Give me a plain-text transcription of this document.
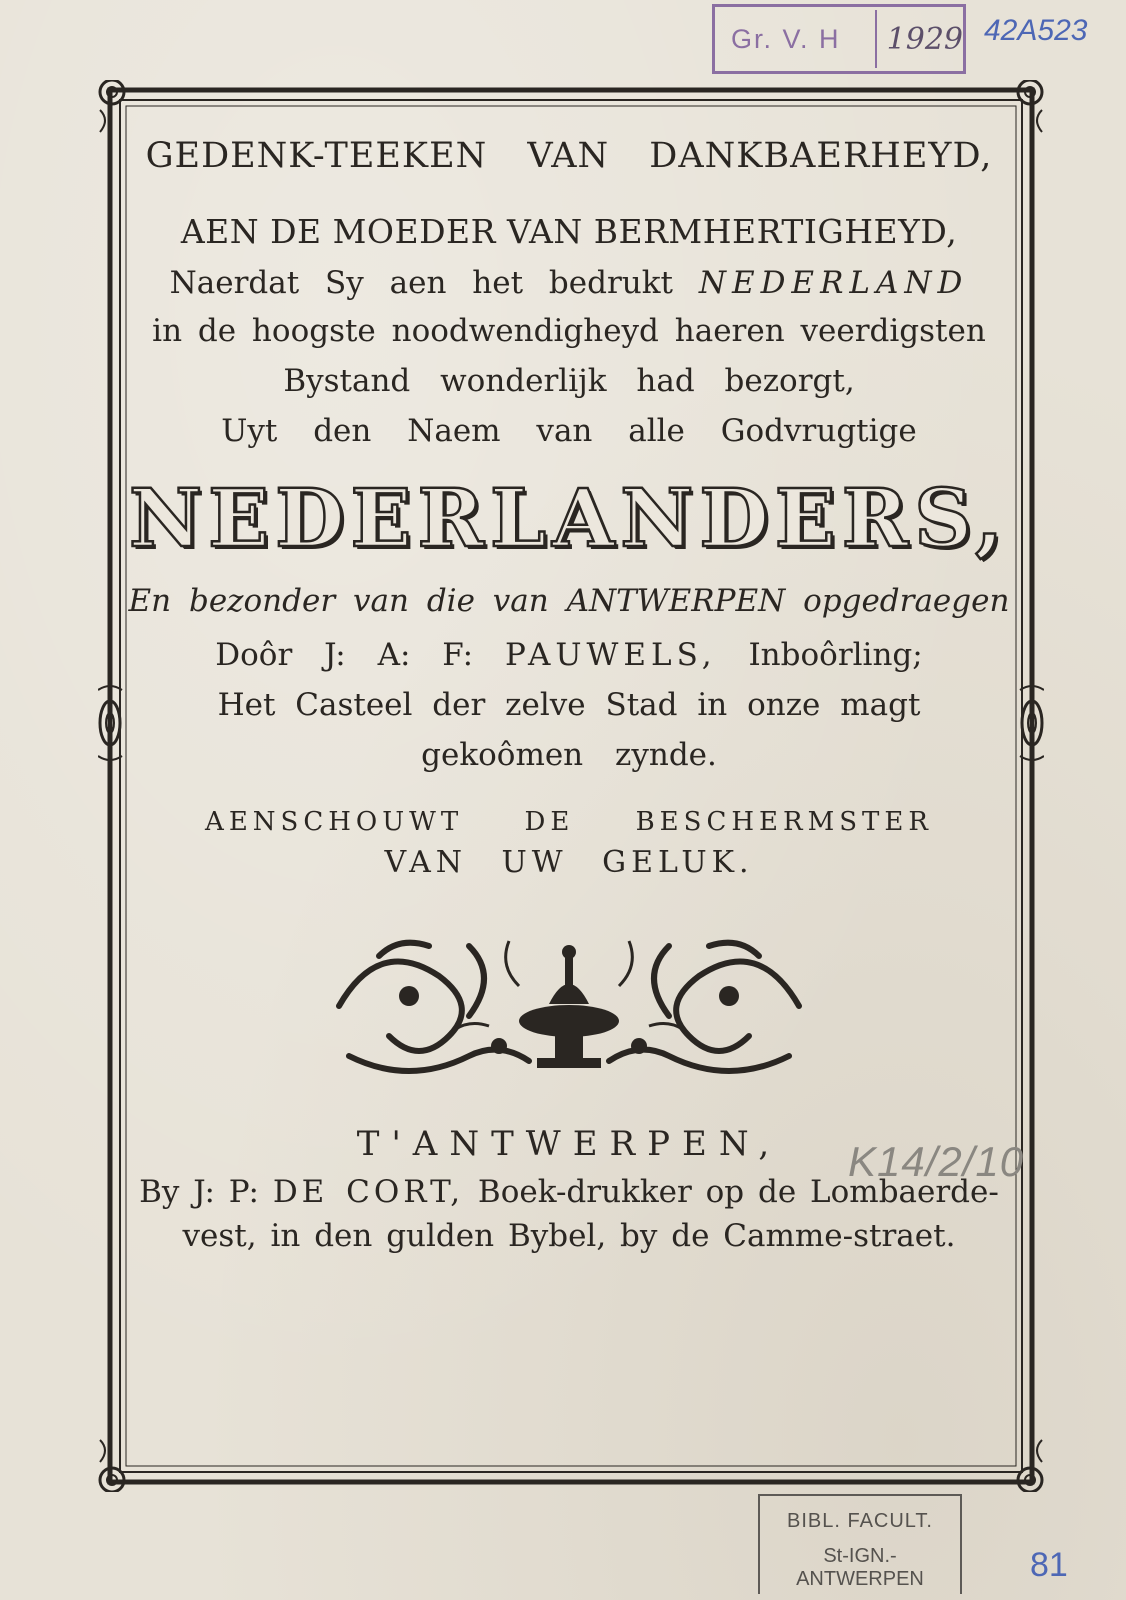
Gr. V. H	1929 42A523
GEDENK-TEEKEN VAN DANKBAERHEYD,
AEN DE MOEDER VAN BERMHERTIGHEYD,
Naerdat Sy aen het bedrukt NEDERLAND
in de hoogste noodwendigheyd haeren veerdigsten
Bystand wonderlijk had bezorgt,
Uyt den Naem van alle Godvrugtige
NEDERLANDERS,
En bezonder van die van ANTWERPEN opgedraegen
Doôr J: A: F: PAUWELS, Inboôrling;
Het Casteel der zelve Stad in onze magt
gekoômen zynde.
AENSCHOUWT DE BESCHERMSTER
VAN UW GELUK.
T'ANTWERPEN,
By J: P: DE CORT, Boek-drukker op de Lombaerde-
vest, in den gulden Bybel, by de Camme-straet.
K14/2/10
BIBL. FACULT.
St-IGN.-ANTWERPEN	81
